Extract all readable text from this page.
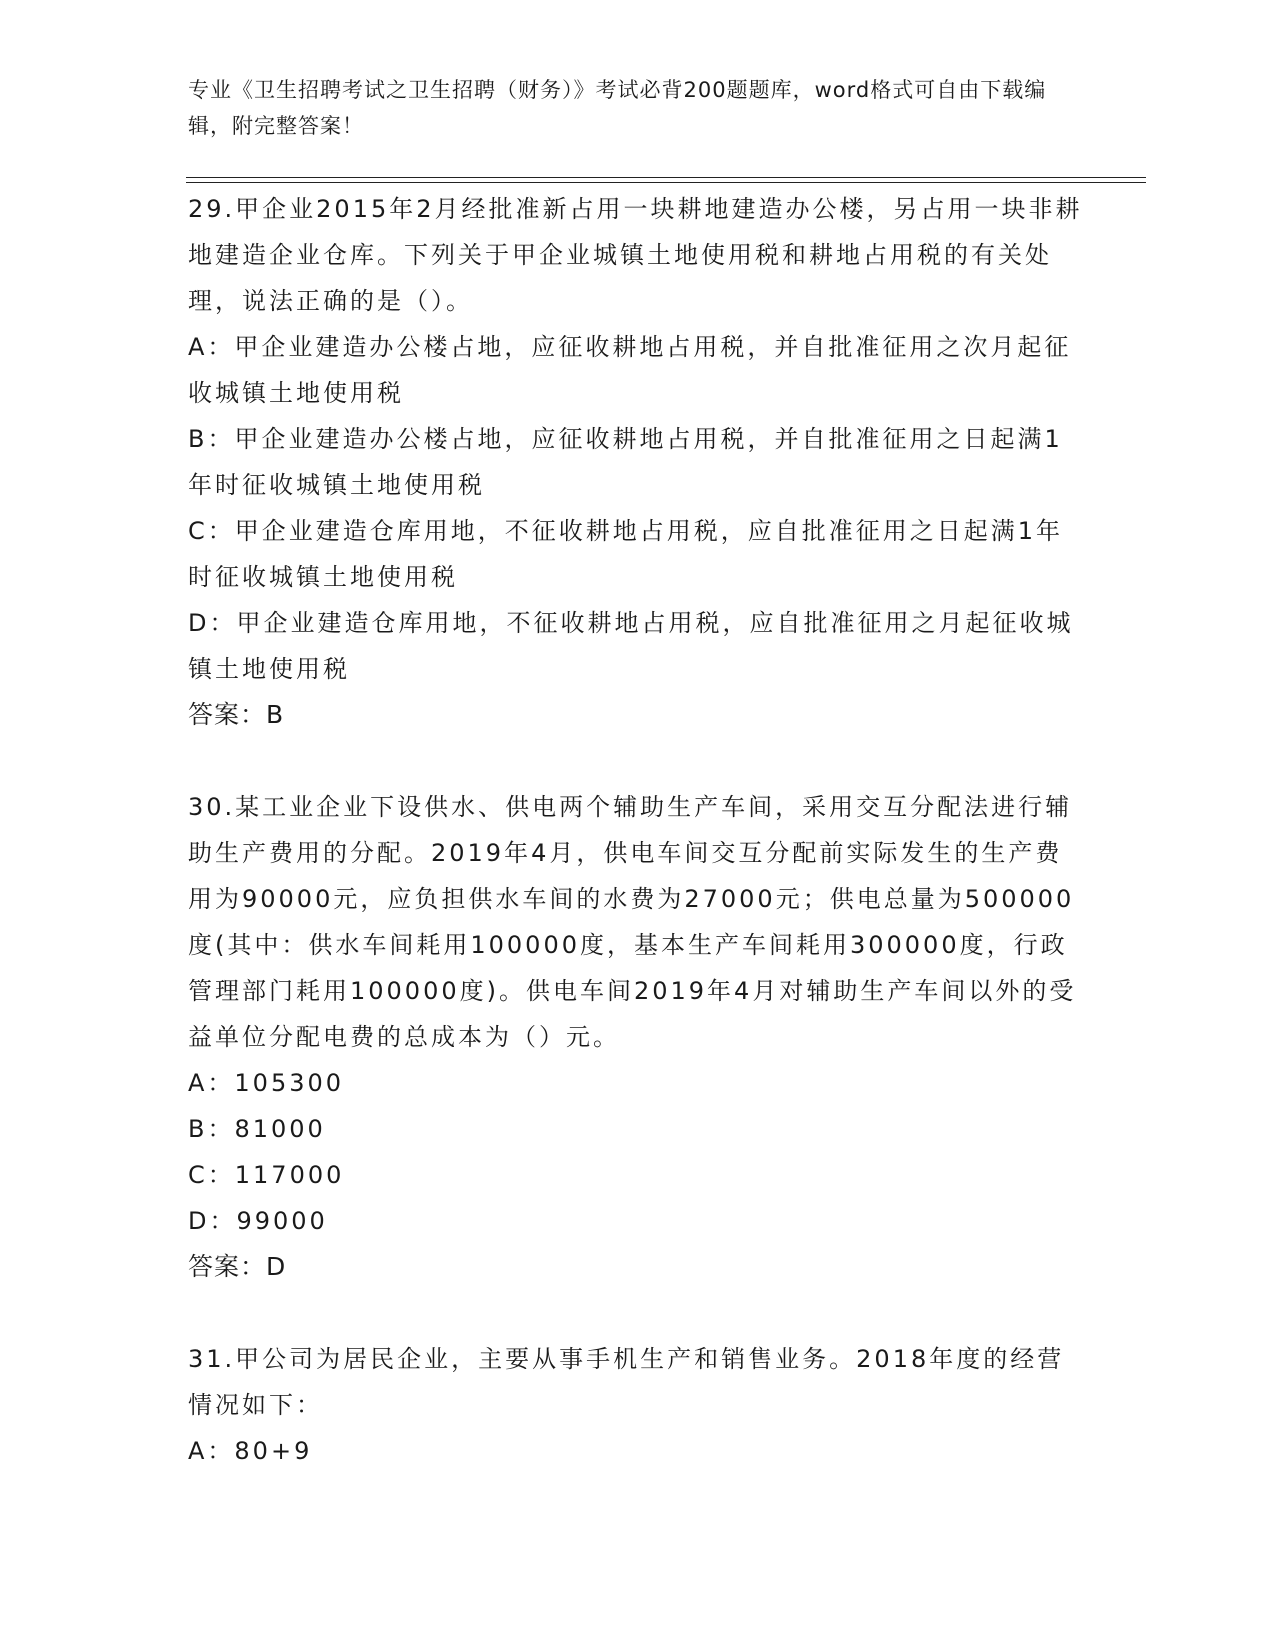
专业《卫生招聘考试之卫生招聘（财务）》考试必背200题题库，word格式可自由下载编辑，附完整答案！

29.甲企业2015年2月经批准新占用一块耕地建造办公楼，另占用一块非耕地建造企业仓库。下列关于甲企业城镇土地使用税和耕地占用税的有关处理，说法正确的是（）。

A：甲企业建造办公楼占地，应征收耕地占用税，并自批准征用之次月起征收城镇土地使用税

B：甲企业建造办公楼占地，应征收耕地占用税，并自批准征用之日起满1年时征收城镇土地使用税

C：甲企业建造仓库用地，不征收耕地占用税，应自批准征用之日起满1年时征收城镇土地使用税

D：甲企业建造仓库用地，不征收耕地占用税，应自批准征用之月起征收城镇土地使用税

答案：B

30.某工业企业下设供水、供电两个辅助生产车间，采用交互分配法进行辅助生产费用的分配。2019年4月，供电车间交互分配前实际发生的生产费用为90000元，应负担供水车间的水费为27000元；供电总量为500000度(其中：供水车间耗用100000度，基本生产车间耗用300000度，行政管理部门耗用100000度)。供电车间2019年4月对辅助生产车间以外的受益单位分配电费的总成本为（）元。

A：105300

B：81000

C：117000

D：99000

答案：D

31.甲公司为居民企业，主要从事手机生产和销售业务。2018年度的经营情况如下：

A：80+9
